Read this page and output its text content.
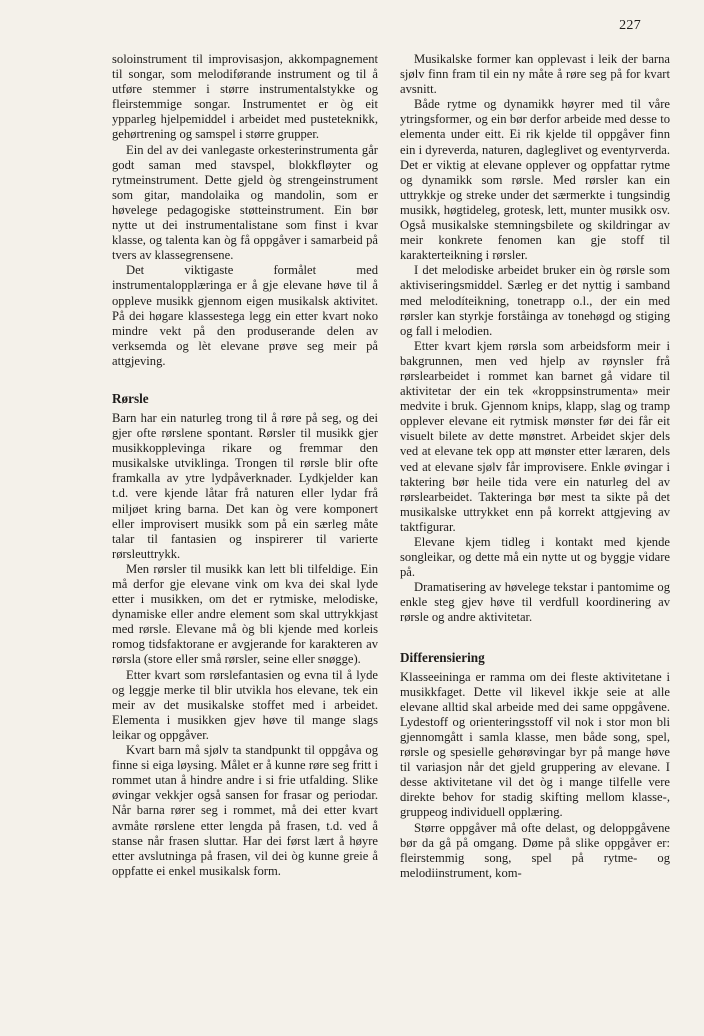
227

soloinstrument til improvisasjon, akkompagnement til songar, som melodiførande instrument og til å utføre stemmer i større instrumentalstykke og fleirstemmige songar. Instrumentet er òg eit ypparleg hjelpemiddel i arbeidet med pusteteknikk, gehørtrening og samspel i større grupper.

Ein del av dei vanlegaste orkesterinstrumenta går godt saman med stavspel, blokkfløyter og rytmeinstrument. Dette gjeld òg strengeinstrument som gitar, mandolaika og mandolin, som er høvelege pedagogiske støtteinstrument. Ein bør nytte ut dei instrumentalistane som finst i kvar klasse, og talenta kan òg få oppgåver i samarbeid på tvers av klassegrensene.

Det viktigaste formålet med instrumentalopplæringa er å gje elevane høve til å oppleve musikk gjennom eigen musikalsk aktivitet. På dei høgare klassestega legg ein etter kvart noko mindre vekt på den produserande delen av verksemda og lèt elevane prøve seg meir på attgjeving.

Rørsle

Barn har ein naturleg trong til å røre på seg, og dei gjer ofte rørslene spontant. Rørsler til musikk gjer musikkopplevinga rikare og fremmar den musikalske utviklinga. Trongen til rørsle blir ofte framkalla av ytre lydpåverknader. Lydkjelder kan t.d. vere kjende låtar frå naturen eller lydar frå miljøet kring barna. Det kan òg vere komponert eller improvisert musikk som på ein særleg måte talar til fantasien og inspirerer til varierte rørsleuttrykk.

Men rørsler til musikk kan lett bli tilfeldige. Ein må derfor gje elevane vink om kva dei skal lyde etter i musikken, om det er rytmiske, melodiske, dynamiske eller andre element som skal uttrykkjast med rørsle. Elevane må òg bli kjende med korleis romog tidsfaktorane er avgjerande for karakteren av rørsla (store eller små rørsler, seine eller snøgge).

Etter kvart som rørslefantasien og evna til å lyde og leggje merke til blir utvikla hos elevane, tek ein meir av det musikalske stoffet med i arbeidet. Elementa i musikken gjev høve til mange slags leikar og oppgåver.

Kvart barn må sjølv ta standpunkt til oppgåva og finne si eiga løysing. Målet er å kunne røre seg fritt i rommet utan å hindre andre i si frie utfalding. Slike øvingar vekkjer også sansen for frasar og periodar. Når barna rører seg i rommet, må dei etter kvart avmåte rørslene etter lengda på frasen, t.d. ved å stanse når frasen sluttar. Har dei først lært å høyre etter avslutninga på frasen, vil dei òg kunne greie å oppfatte ei enkel musikalsk form.

Musikalske former kan opplevast i leik der barna sjølv finn fram til ein ny måte å røre seg på for kvart avsnitt.

Både rytme og dynamikk høyrer med til våre ytringsformer, og ein bør derfor arbeide med desse to elementa under eitt. Ei rik kjelde til oppgåver finn ein i dyreverda, naturen, dagleglivet og eventyrverda. Det er viktig at elevane opplever og oppfattar rytme og dynamikk som rørsle. Med rørsler kan ein uttrykkje og streke under det særmerkte i tungsindig musikk, høgtideleg, grotesk, lett, munter musikk osv. Også musikalske stemningsbilete og skildringar av meir konkrete fenomen kan gje stoff til karakterteikning i rørsler.

I det melodiske arbeidet bruker ein òg rørsle som aktiviseringsmiddel. Særleg er det nyttig i samband med melodíteikning, tonetrapp o.l., der ein med rørsler kan styrkje forståinga av tonehøgd og stiging og fall i melodien.

Etter kvart kjem rørsla som arbeidsform meir i bakgrunnen, men ved hjelp av røynsler frå rørslearbeidet i rommet kan barnet gå vidare til aktivitetar der ein tek «kroppsinstrumenta» meir medvite i bruk. Gjennom knips, klapp, slag og tramp opplever elevane eit rytmisk mønster før dei får eit visuelt bilete av dette mønstret. Arbeidet skjer dels ved at elevane tek opp att mønster etter læraren, dels ved at elevane sjølv får improvisere. Enkle øvingar i taktering bør heile tida vere ein naturleg del av rørslearbeidet. Takteringa bør mest ta sikte på det musikalske uttrykket enn på korrekt attgjeving av taktfigurar.

Elevane kjem tidleg i kontakt med kjende songleikar, og dette må ein nytte ut og byggje vidare på.

Dramatisering av høvelege tekstar i pantomime og enkle steg gjev høve til verdfull koordinering av rørsle og andre aktivitetar.

Differensiering

Klasseeininga er ramma om dei fleste aktivitetane i musikkfaget. Dette vil likevel ikkje seie at alle elevane alltid skal arbeide med dei same oppgåvene. Lydestoff og orienteringsstoff vil nok i stor mon bli gjennomgått i samla klasse, men både song, spel, rørsle og spesielle gehørøvingar byr på mange høve til variasjon når det gjeld gruppering av elevane. I desse aktivitetane vil det òg i mange tilfelle vere direkte behov for stadig skifting mellom klasse-, gruppeog individuell opplæring.

Større oppgåver må ofte delast, og deloppgåvene bør da gå på omgang. Døme på slike oppgåver er: fleirstemmig song, spel på rytme- og melodiinstrument, kom-
